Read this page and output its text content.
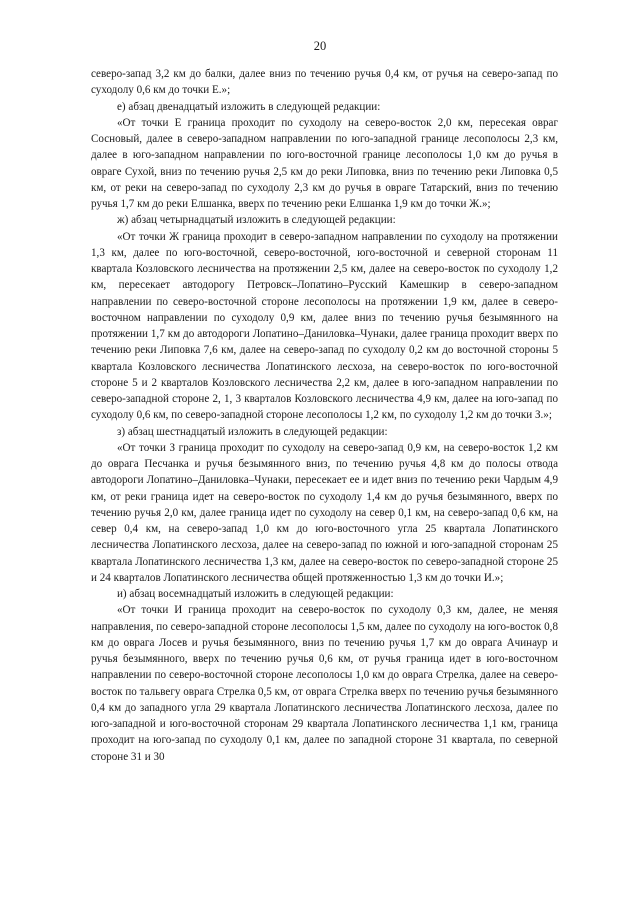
20

северо-запад 3,2 км до балки, далее вниз по течению ручья 0,4 км, от ручья на северо-запад по суходолу 0,6 км до точки Е.»;

е) абзац двенадцатый изложить в следующей редакции:

«От точки Е граница проходит по суходолу на северо-восток 2,0 км, пересекая овраг Сосновый, далее в северо-западном направлении по юго-западной границе лесополосы 2,3 км, далее в юго-западном направлении по юго-восточной границе лесополосы 1,0 км до ручья в овраге Сухой, вниз по течению ручья 2,5 км до реки Липовка, вниз по течению реки Липовка 0,5 км, от реки на северо-запад по суходолу 2,3 км до ручья в овраге Татарский, вниз по течению ручья 1,7 км до реки Елшанка, вверх по течению реки Елшанка 1,9 км до точки Ж.»;

ж) абзац четырнадцатый изложить в следующей редакции:

«От точки Ж граница проходит в северо-западном направлении по суходолу на протяжении 1,3 км, далее по юго-восточной, северо-восточной, юго-восточной и северной сторонам 11 квартала Козловского лесничества на протяжении 2,5 км, далее на северо-восток по суходолу 1,2 км, пересекает автодорогу Петровск–Лопатино–Русский Камешкир в северо-западном направлении по северо-восточной стороне лесополосы на протяжении 1,9 км, далее в северо-восточном направлении по суходолу 0,9 км, далее вниз по течению ручья безымянного на протяжении 1,7 км до автодороги Лопатино–Даниловка–Чунаки, далее граница проходит вверх по течению реки Липовка 7,6 км, далее на северо-запад по суходолу 0,2 км до восточной стороны 5 квартала Козловского лесничества Лопатинского лесхоза, на северо-восток по юго-восточной стороне 5 и 2 кварталов Козловского лесничества 2,2 км, далее в юго-западном направлении по северо-западной стороне 2, 1, 3 кварталов Козловского лесничества 4,9 км, далее на юго-запад по суходолу 0,6 км, по северо-западной стороне лесополосы 1,2 км, по суходолу 1,2 км до точки З.»;

з) абзац шестнадцатый изложить в следующей редакции:

«От точки З граница проходит по суходолу на северо-запад 0,9 км, на северо-восток 1,2 км до оврага Песчанка и ручья безымянного вниз, по течению ручья 4,8 км до полосы отвода автодороги Лопатино–Даниловка–Чунаки, пересекает ее и идет вниз по течению реки Чардым 4,9 км, от реки граница идет на северо-восток по суходолу 1,4 км до ручья безымянного, вверх по течению ручья 2,0 км, далее граница идет по суходолу на север 0,1 км, на северо-запад 0,6 км, на север 0,4 км, на северо-запад 1,0 км до юго-восточного угла 25 квартала Лопатинского лесничества Лопатинского лесхоза, далее на северо-запад по южной и юго-западной сторонам 25 квартала Лопатинского лесничества 1,3 км, далее на северо-восток по северо-западной стороне 25 и 24 кварталов Лопатинского лесничества общей протяженностью 1,3 км до точки И.»;

и) абзац восемнадцатый изложить в следующей редакции:

«От точки И граница проходит на северо-восток по суходолу 0,3 км, далее, не меняя направления, по северо-западной стороне лесополосы 1,5 км, далее по суходолу на юго-восток 0,8 км до оврага Лосев и ручья безымянного, вниз по течению ручья 1,7 км до оврага Ачинаур и ручья безымянного, вверх по течению ручья 0,6 км, от ручья граница идет в юго-восточном направлении по северо-восточной стороне лесополосы 1,0 км до оврага Стрелка, далее на северо-восток по тальвегу оврага Стрелка 0,5 км, от оврага Стрелка вверх по течению ручья безымянного 0,4 км до западного угла 29 квартала Лопатинского лесничества Лопатинского лесхоза, далее по юго-западной и юго-восточной сторонам 29 квартала Лопатинского лесничества 1,1 км, граница проходит на юго-запад по суходолу 0,1 км, далее по западной стороне 31 квартала, по северной стороне 31 и 30
